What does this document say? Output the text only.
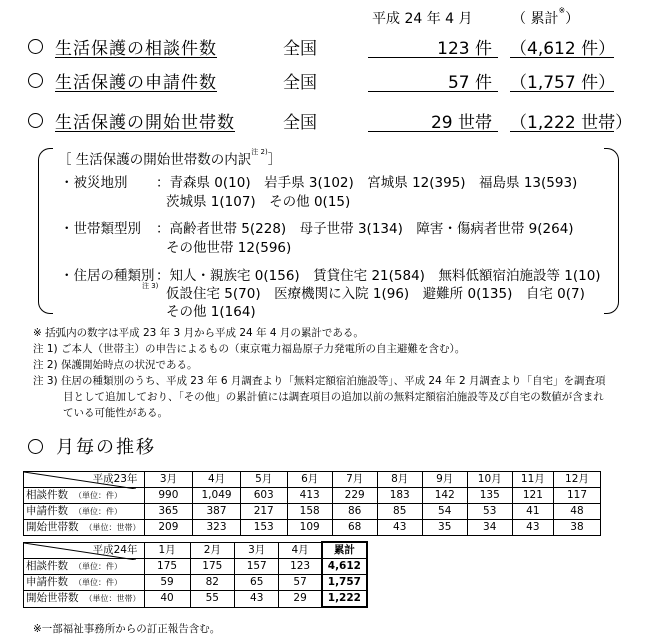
平成 24 年 4 月	（ 累計※）
生活保護の相談件数	全国	123 件	（4,612 件）
生活保護の申請件数	全国	57 件	（1,757 件）
生活保護の開始世帯数	全国	29 世帯	（1,222 世帯）
［ 生活保護の開始世帯数の内訳$^{注 2)}$］
・被災地別 ：青森県 0(10)　岩手県 3(102)　宮城県 12(395)　福島県 13(593)
茨城県 1(107)　その他 0(15)
・世帯類型別 ：高齢者世帯 5(228)　母子世帯 3(134)　障害・傷病者世帯 9(264)
その他世帯 12(596)
・住居の種類別
注 3)
：知人・親族宅 0(156)　賃貸住宅 21(584)　無料低額宿泊施設等 1(10)
仮設住宅 5(70)　医療機関に入院 1(96)　避難所 0(135)　自宅 0(7)
その他 1(164)
※ 括弧内の数字は平成 23 年 3 月から平成 24 年 4 月の累計である。
注 1) ご本人（世帯主）の申告によるもの（東京電力福島原子力発電所の自主避難を含む）。
注 2) 保護開始時点の状況である。
注 3) 住居の種類別のうち、平成 23 年 6 月調査より「無料定額宿泊施設等」、平成 24 年 2 月調査より「自宅」を調査項
目として追加しており、「その他」の累計値には調査項目の追加以前の無料定額宿泊施設等及び自宅の数値が含まれ
ている可能性がある。
月毎の推移
平成23年	3月	4月	5月	6月	7月	8月	9月	10月	11月	12月
相談件数 （単位：件）	990	1,049	603	413	229	183	142	135	121	117
申請件数 （単位：件）	365	387	217	158	86	85	54	53	41	48
開始世帯数 （単位：世帯）	209	323	153	109	68	43	35	34	43	38
平成24年	1月	2月	3月	4月	累計
相談件数 （単位：件）	175	175	157	123	4,612
申請件数 （単位：件）	59	82	65	57	1,757
開始世帯数 （単位：世帯）	40	55	43	29	1,222
※一部福祉事務所からの訂正報告含む。
